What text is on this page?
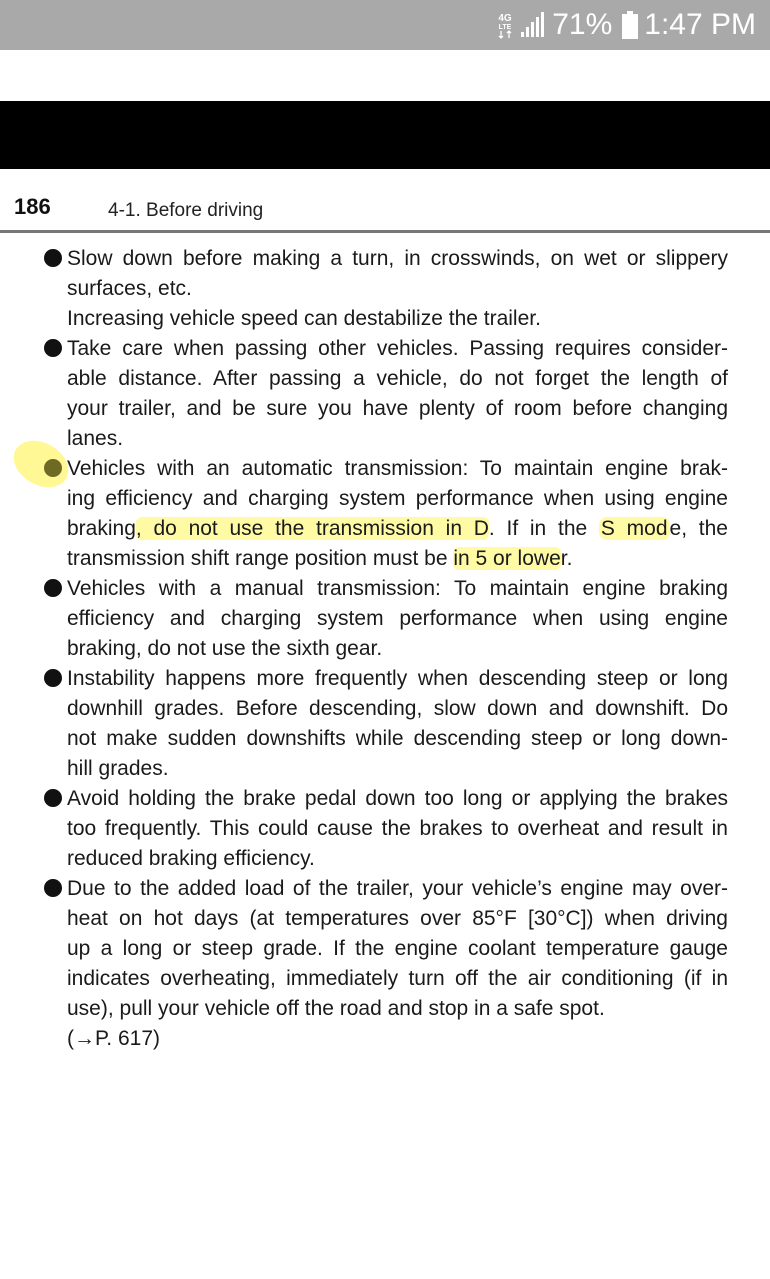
4G
LTE 71% 1:47 PM
186	4-1. Before driving
Slow down before making a turn, in crosswinds, on wet or slippery
surfaces, etc.
Increasing vehicle speed can destabilize the trailer.
Take care when passing other vehicles. Passing requires consider-
able distance. After passing a vehicle, do not forget the length of
your trailer, and be sure you have plenty of room before changing
lanes.
Vehicles with an automatic transmission: To maintain engine brak-
ing efficiency and charging system performance when using engine
braking, do not use the transmission in D. If in the S mode, the
transmission shift range position must be in 5 or lower.
Vehicles with a manual transmission: To maintain engine braking
efficiency and charging system performance when using engine
braking, do not use the sixth gear.
Instability happens more frequently when descending steep or long
downhill grades. Before descending, slow down and downshift. Do
not make sudden downshifts while descending steep or long down-
hill grades.
Avoid holding the brake pedal down too long or applying the brakes
too frequently. This could cause the brakes to overheat and result in
reduced braking efficiency.
Due to the added load of the trailer, your vehicle’s engine may over-
heat on hot days (at temperatures over 85°F [30°C]) when driving
up a long or steep grade. If the engine coolant temperature gauge
indicates overheating, immediately turn off the air conditioning (if in
use), pull your vehicle off the road and stop in a safe spot.
(→P. 617)
